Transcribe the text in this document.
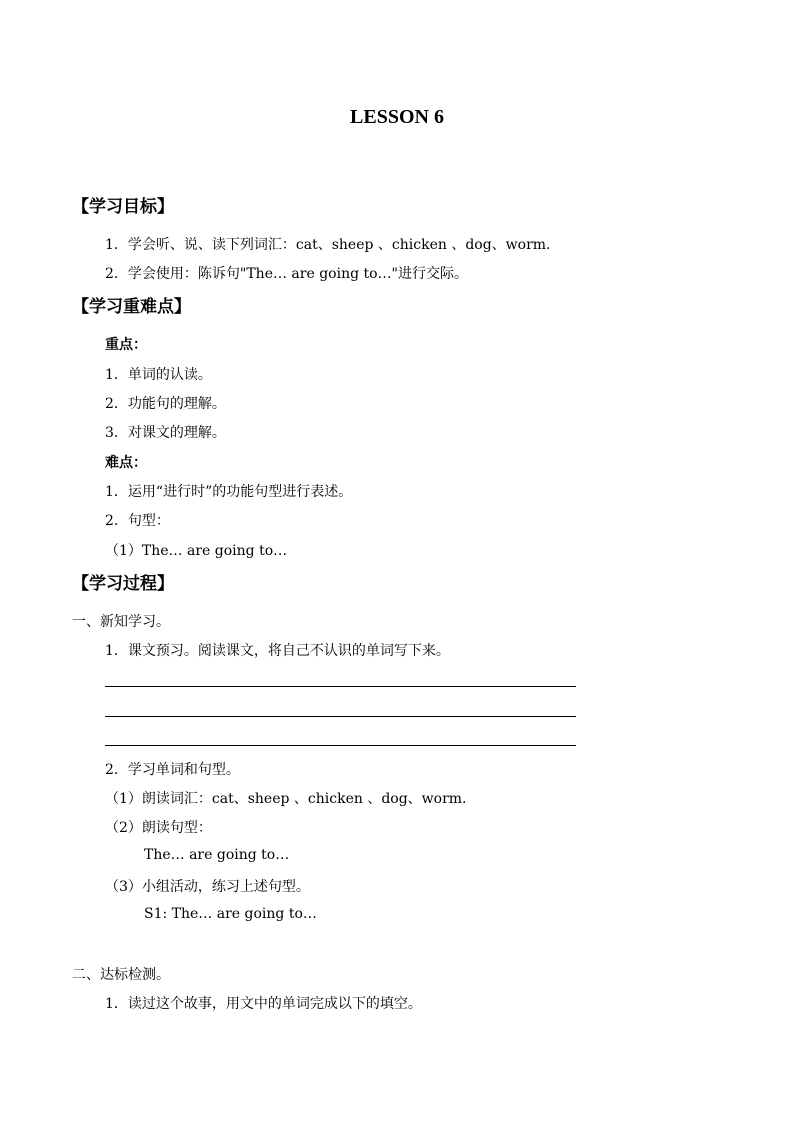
LESSON 6
【学习目标】
1．学会听、说、读下列词汇：cat、sheep 、chicken 、dog、worm.
2．学会使用：陈诉句"The… are going to…"进行交际。
【学习重难点】
重点：
1．单词的认读。
2．功能句的理解。
3．对课文的理解。
难点：
1．运用“进行时”的功能句型进行表述。
2．句型：
（1）The… are going to…
【学习过程】
一、新知学习。
1．课文预习。阅读课文，将自己不认识的单词写下来。
2．学习单词和句型。
（1）朗读词汇：cat、sheep 、chicken 、dog、worm.
（2）朗读句型：
The… are going to…
（3）小组活动，练习上述句型。
S1: The… are going to…
二、达标检测。
1．读过这个故事，用文中的单词完成以下的填空。
